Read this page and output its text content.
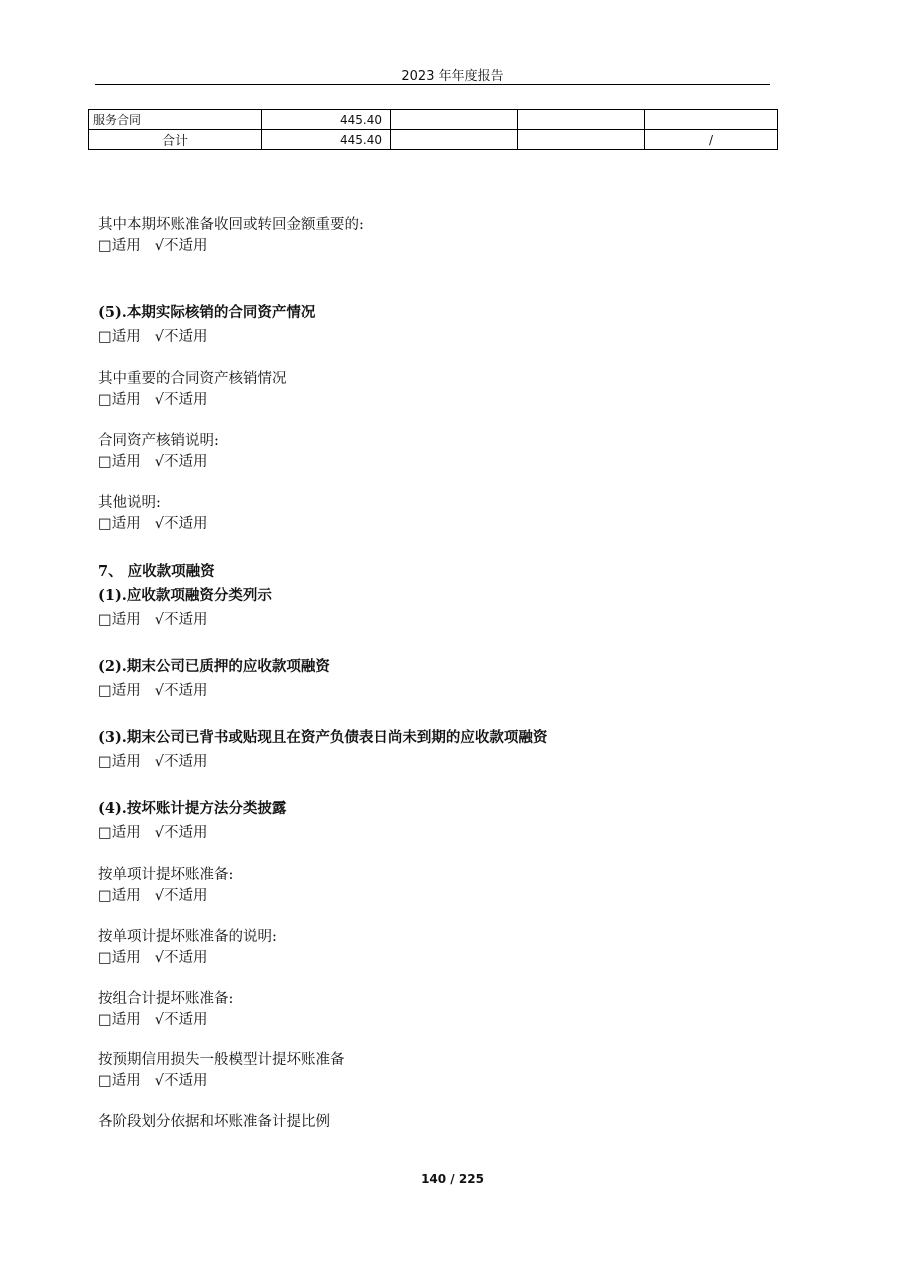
2023 年年度报告
服务合同	445.40			
合计	445.40			/
其中本期坏账准备收回或转回金额重要的:
□适用 √不适用
(5).本期实际核销的合同资产情况
□适用 √不适用
其中重要的合同资产核销情况
□适用 √不适用
合同资产核销说明:
□适用 √不适用
其他说明:
□适用 √不适用
7、 应收款项融资
(1).应收款项融资分类列示
□适用 √不适用
(2).期末公司已质押的应收款项融资
□适用 √不适用
(3).期末公司已背书或贴现且在资产负债表日尚未到期的应收款项融资
□适用 √不适用
(4).按坏账计提方法分类披露
□适用 √不适用
按单项计提坏账准备:
□适用 √不适用
按单项计提坏账准备的说明:
□适用 √不适用
按组合计提坏账准备:
□适用 √不适用
按预期信用损失一般模型计提坏账准备
□适用 √不适用
各阶段划分依据和坏账准备计提比例
140 / 225
